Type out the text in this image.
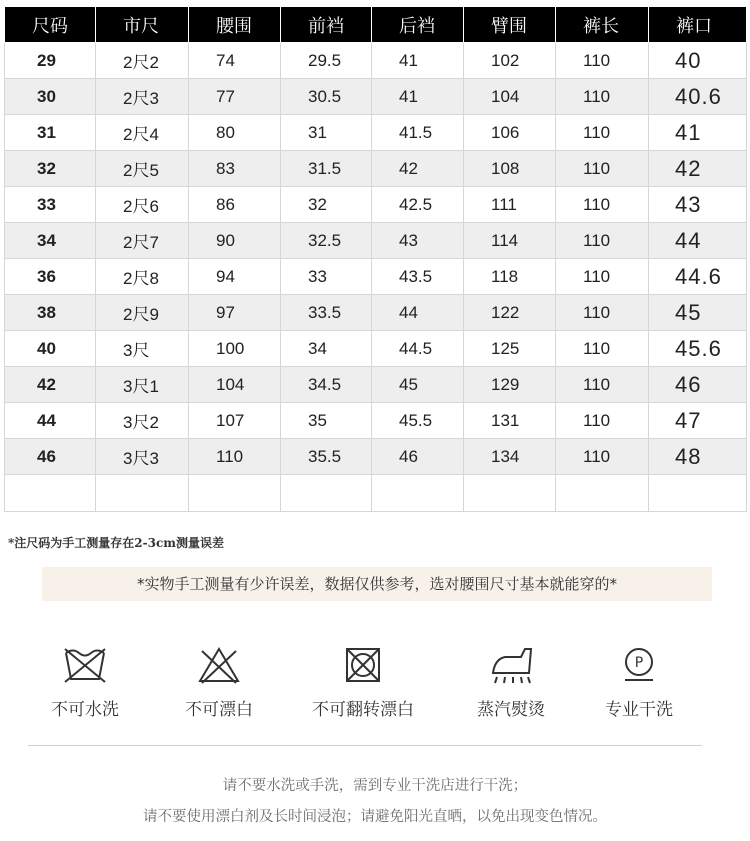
尺码	市尺	腰围	前裆	后裆	臂围	裤长	裤口
29	2尺2	74	29.5	41	102	110	40
30	2尺3	77	30.5	41	104	110	40.6
31	2尺4	80	31	41.5	106	110	41
32	2尺5	83	31.5	42	108	110	42
33	2尺6	86	32	42.5	111	110	43
34	2尺7	90	32.5	43	114	110	44
36	2尺8	94	33	43.5	118	110	44.6
38	2尺9	97	33.5	44	122	110	45
40	3尺	100	34	44.5	125	110	45.6
42	3尺1	104	34.5	45	129	110	46
44	3尺2	107	35	45.5	131	110	47
46	3尺3	110	35.5	46	134	110	48

*注尺码为手工测量存在2-3cm测量误差
*实物手工测量有少许误差，数据仅供参考，选对腰围尺寸基本就能穿的*
不可水洗	不可漂白	不可翻转漂白	蒸汽熨烫
P
专业干洗
请不要水洗或手洗，需到专业干洗店进行干洗；
请不要使用漂白剂及长时间浸泡；请避免阳光直晒，以免出现变色情况。
